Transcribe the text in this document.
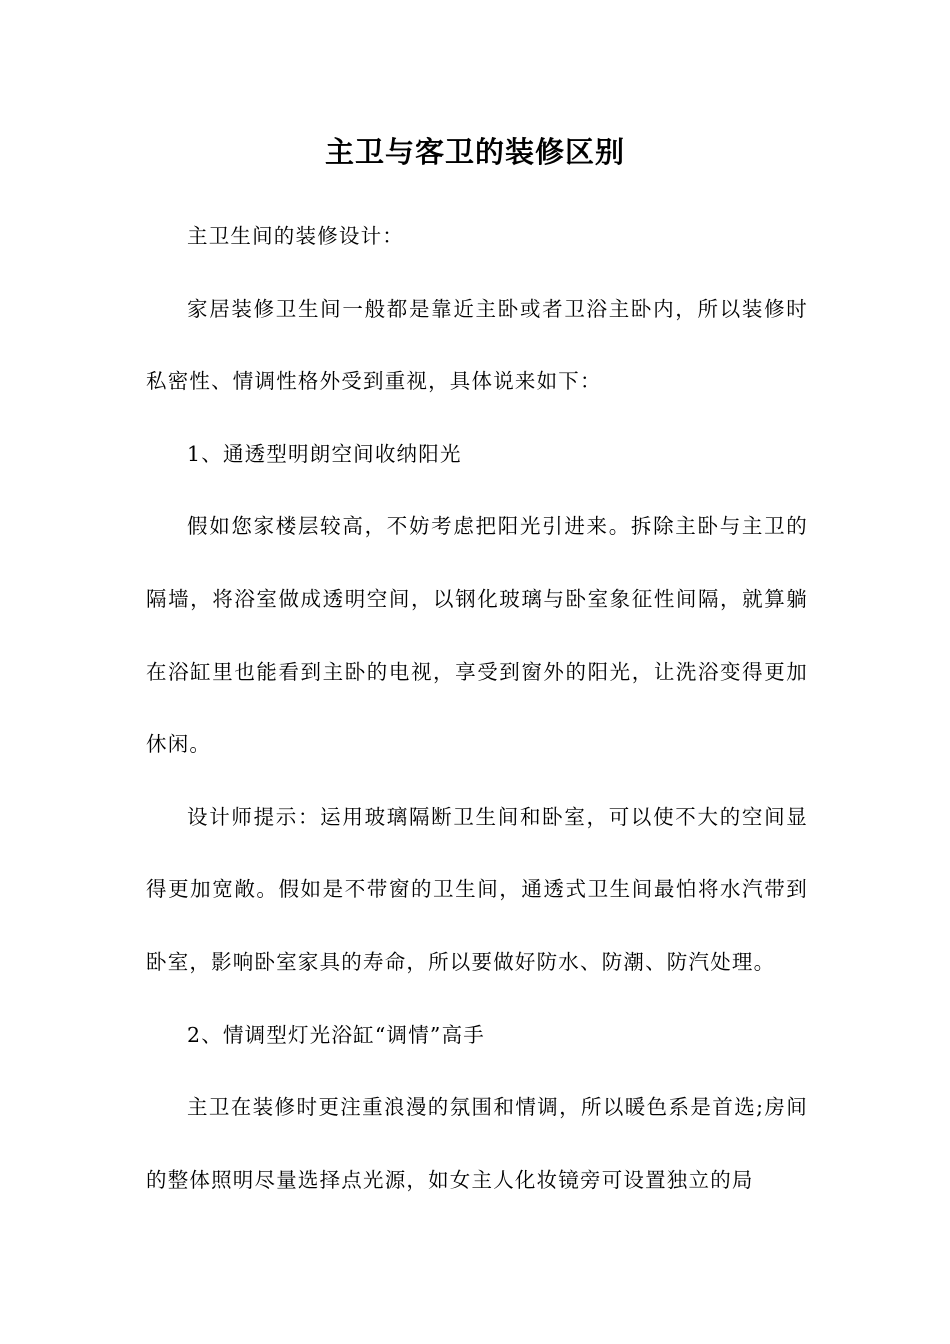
主卫与客卫的装修区别

主卫生间的装修设计：

家居装修卫生间一般都是靠近主卧或者卫浴主卧内，所以装修时私密性、情调性格外受到重视，具体说来如下：

1、通透型明朗空间收纳阳光

假如您家楼层较高，不妨考虑把阳光引进来。拆除主卧与主卫的隔墙，将浴室做成透明空间，以钢化玻璃与卧室象征性间隔，就算躺在浴缸里也能看到主卧的电视，享受到窗外的阳光，让洗浴变得更加休闲。

设计师提示：运用玻璃隔断卫生间和卧室，可以使不大的空间显得更加宽敞。假如是不带窗的卫生间，通透式卫生间最怕将水汽带到卧室，影响卧室家具的寿命，所以要做好防水、防潮、防汽处理。

2、情调型灯光浴缸“调情”高手

主卫在装修时更注重浪漫的氛围和情调，所以暖色系是首选;房间的整体照明尽量选择点光源，如女主人化妆镜旁可设置独立的局
